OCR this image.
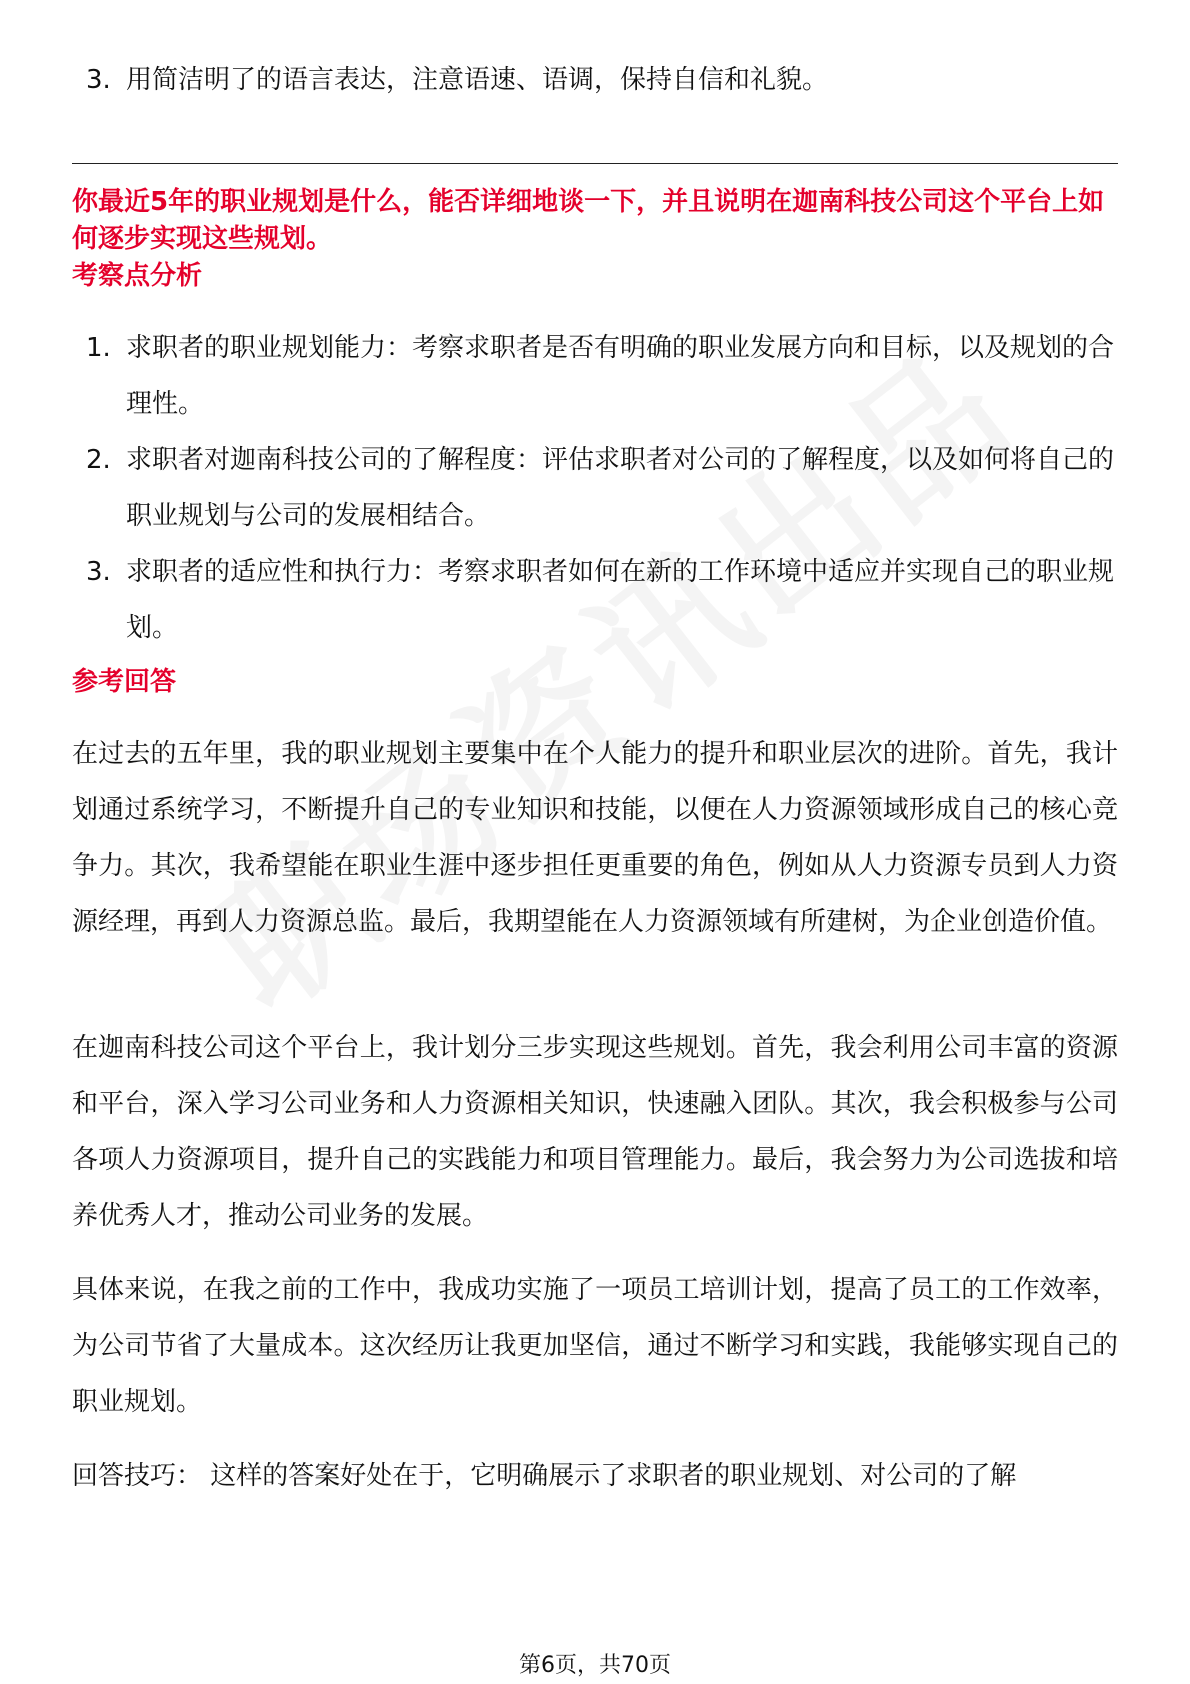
3. 用简洁明了的语言表达，注意语速、语调，保持自信和礼貌。
你最近5年的职业规划是什么，能否详细地谈一下，并且说明在迦南科技公司这个平台上如何逐步实现这些规划。
考察点分析
1. 求职者的职业规划能力：考察求职者是否有明确的职业发展方向和目标，以及规划的合理性。
2. 求职者对迦南科技公司的了解程度：评估求职者对公司的了解程度，以及如何将自己的职业规划与公司的发展相结合。
3. 求职者的适应性和执行力：考察求职者如何在新的工作环境中适应并实现自己的职业规划。
参考回答
在过去的五年里，我的职业规划主要集中在个人能力的提升和职业层次的进阶。首先，我计划通过系统学习，不断提升自己的专业知识和技能，以便在人力资源领域形成自己的核心竞争力。其次，我希望能在职业生涯中逐步担任更重要的角色，例如从人力资源专员到人力资源经理，再到人力资源总监。最后，我期望能在人力资源领域有所建树，为企业创造价值。
在迦南科技公司这个平台上，我计划分三步实现这些规划。首先，我会利用公司丰富的资源和平台，深入学习公司业务和人力资源相关知识，快速融入团队。其次，我会积极参与公司各项人力资源项目，提升自己的实践能力和项目管理能力。最后，我会努力为公司选拔和培养优秀人才，推动公司业务的发展。
具体来说，在我之前的工作中，我成功实施了一项员工培训计划，提高了员工的工作效率，为公司节省了大量成本。这次经历让我更加坚信，通过不断学习和实践，我能够实现自己的职业规划。
回答技巧： 这样的答案好处在于，它明确展示了求职者的职业规划、对公司的了解
第6页，共70页
